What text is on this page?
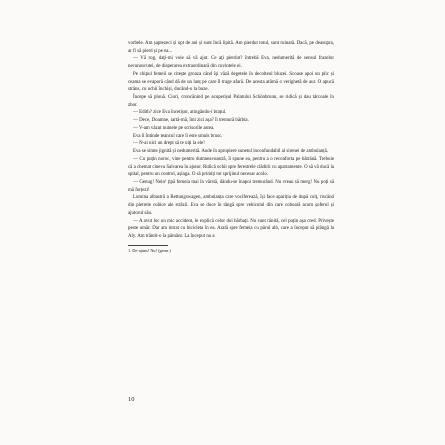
vorbele. Am șaptezeci și opt de ani și sunt încă lipită. Am pierdut totul, sunt ruinată. Dacă, pe deasupra, ar fi să pierd și pe ea...

— Vă rog, daţi-mi voie să vă ajut. Ce aţi pierdut? întrebă Eva, nedumerită de sensul frazelor necunoscutei, de disperarea extraordinară din cuvintele ei.

Pe chipul femeii se citește groaza când își văză degetele în decolteul bluzei. Scoase apoi un plic și ceama se evaporă când dă de un lanț pe care îl trage afară. De acesta atârnă o verighetă de aur. O apucă strâns, cu ochii închiși, ducând-o la buze.

Începe să plouă. Ciori, croncănind pe acoperișul Palatului Schönbrunn, se ridică și dau târcoale în zbor.

— Edith? zice Eva încetișor, atingându-i brațul.

— Dece, Doamne, iartă-mă, îmi zici așa? îi tremură bărbia.

— V-am văzut numele pe scrisorile astea.

Eva îi întinde teancul care îi este smuls brusc.

— N-ai nici un drept să te uiți la ele!

Eva se simte jignită și nedumerită. Aude în apropiere sunetul inconfundabil al sirenei de ambulanță.

— Cu puțin noroc, vine pentru dumneavoastră, îi spune ea, pentru a o reconforta pe bătrână. Trebuie că a chemat cineva Salvarea în ajutor. Ridică ochii spre ferestrele clădirii cu apartamente. O să vă ducă la spital, pentru un control, așlaga. O să primiți tot sprijinul necesar acolo.

— Genug! Nein¹ țipă femeia mai în vârstă, dându-se înapoi tremurând. Nu vreau să merg! Nu poți să mă forțezi!

Lumina albastră a Rettungswagen, ambulanța care vociferează, își face apariția de după colț, riscând din pietrele cubice ale străzii. Eva se duce în tângă spre vehiculul din care coboară acum șoferul și ajutorul său.

— A avut loc un mic accident, le explică celor doi bărbați. Nu sunt rănită, cel puțin așa cred. Privește peste umăr. Dar am intrat cu bicicleta în ea. Arată spre femeia cu părul alb, care a început să plângă la Aly. Am trântit-o la pământ. La început nu a

1. De-ajuns! Nu! (germ.)

10
